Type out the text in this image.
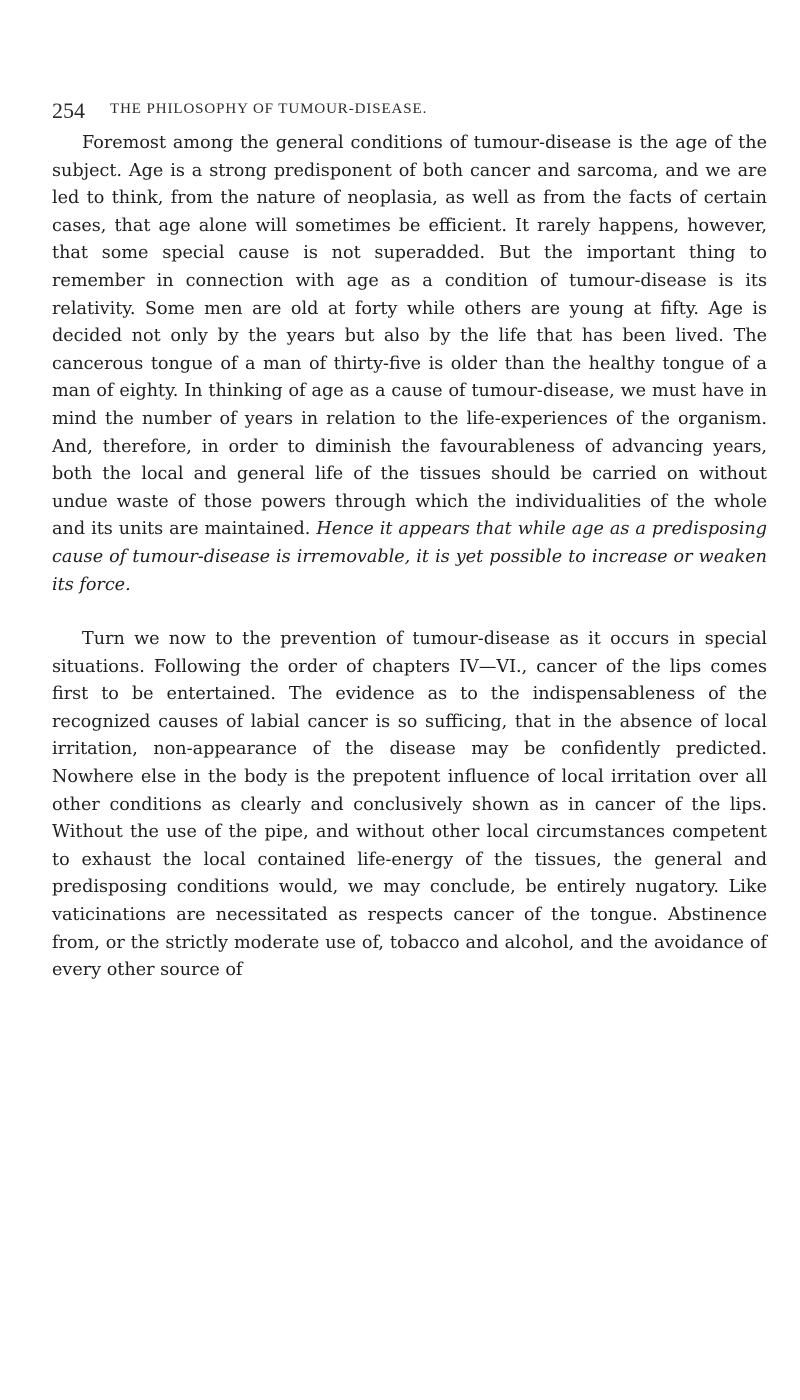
254 THE PHILOSOPHY OF TUMOUR-DISEASE.

Foremost among the general conditions of tumour-disease is the age of the subject. Age is a strong predisponent of both cancer and sarcoma, and we are led to think, from the nature of neoplasia, as well as from the facts of certain cases, that age alone will sometimes be efficient. It rarely happens, however, that some special cause is not superadded. But the important thing to remember in connection with age as a condition of tumour-disease is its relativity. Some men are old at forty while others are young at fifty. Age is decided not only by the years but also by the life that has been lived. The cancerous tongue of a man of thirty-five is older than the healthy tongue of a man of eighty. In thinking of age as a cause of tumour-disease, we must have in mind the number of years in relation to the life-experiences of the organism. And, therefore, in order to diminish the favourableness of advancing years, both the local and general life of the tissues should be carried on without undue waste of those powers through which the individualities of the whole and its units are maintained. Hence it appears that while age as a predisposing cause of tumour-disease is irremovable, it is yet possible to increase or weaken its force.

Turn we now to the prevention of tumour-disease as it occurs in special situations. Following the order of chapters IV—VI., cancer of the lips comes first to be entertained. The evidence as to the indispensableness of the recognized causes of labial cancer is so sufficing, that in the absence of local irritation, non-appearance of the disease may be confidently predicted. Nowhere else in the body is the prepotent influence of local irritation over all other conditions as clearly and conclusively shown as in cancer of the lips. Without the use of the pipe, and without other local circumstances competent to exhaust the local contained life-energy of the tissues, the general and predisposing conditions would, we may conclude, be entirely nugatory. Like vaticinations are necessitated as respects cancer of the tongue. Abstinence from, or the strictly moderate use of, tobacco and alcohol, and the avoidance of every other source of
